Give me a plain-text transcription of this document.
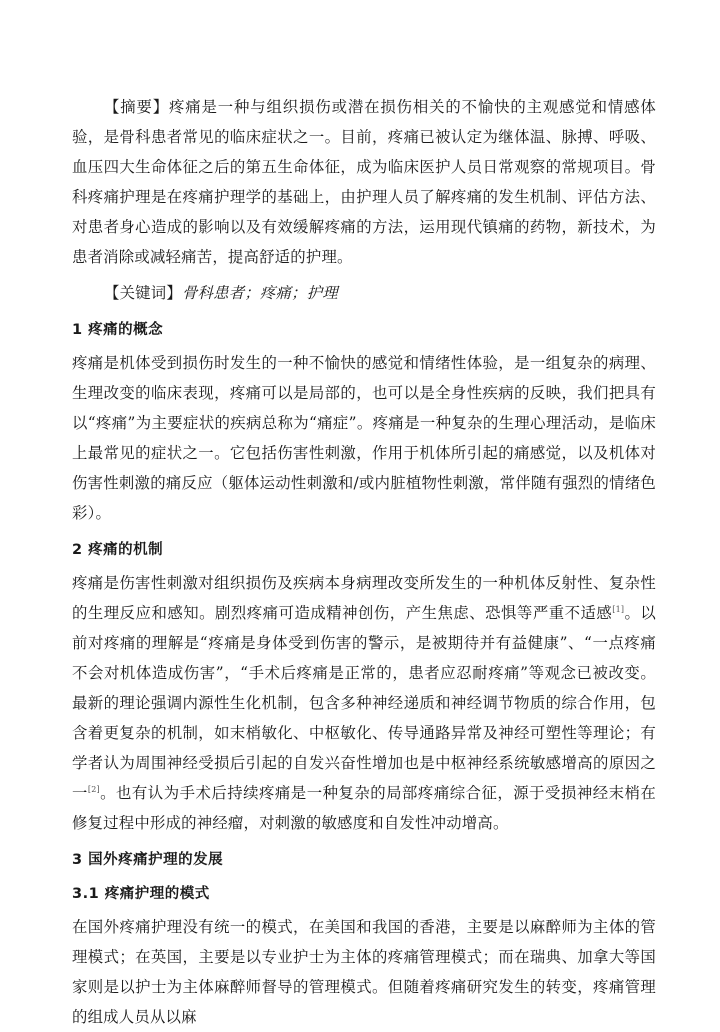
【摘要】疼痛是一种与组织损伤或潜在损伤相关的不愉快的主观感觉和情感体验，是骨科患者常见的临床症状之一。目前，疼痛已被认定为继体温、脉搏、呼吸、血压四大生命体征之后的第五生命体征，成为临床医护人员日常观察的常规项目。骨科疼痛护理是在疼痛护理学的基础上，由护理人员了解疼痛的发生机制、评估方法、对患者身心造成的影响以及有效缓解疼痛的方法，运用现代镇痛的药物，新技术，为患者消除或减轻痛苦，提高舒适的护理。

【关键词】骨科患者；疼痛；护理

1 疼痛的概念

疼痛是机体受到损伤时发生的一种不愉快的感觉和情绪性体验，是一组复杂的病理、生理改变的临床表现，疼痛可以是局部的，也可以是全身性疾病的反映，我们把具有以“疼痛”为主要症状的疾病总称为“痛症”。疼痛是一种复杂的生理心理活动，是临床上最常见的症状之一。它包括伤害性刺激，作用于机体所引起的痛感觉，以及机体对伤害性刺激的痛反应（躯体运动性刺激和/或内脏植物性刺激，常伴随有强烈的情绪色彩）。

2 疼痛的机制

疼痛是伤害性刺激对组织损伤及疾病本身病理改变所发生的一种机体反射性、复杂性的生理反应和感知。剧烈疼痛可造成精神创伤，产生焦虑、恐惧等严重不适感[1]。以前对疼痛的理解是“疼痛是身体受到伤害的警示，是被期待并有益健康”、“一点疼痛不会对机体造成伤害”，“手术后疼痛是正常的，患者应忍耐疼痛”等观念已被改变。最新的理论强调内源性生化机制，包含多种神经递质和神经调节物质的综合作用，包含着更复杂的机制，如末梢敏化、中枢敏化、传导通路异常及神经可塑性等理论；有学者认为周围神经受损后引起的自发兴奋性增加也是中枢神经系统敏感增高的原因之一[2]。也有认为手术后持续疼痛是一种复杂的局部疼痛综合征，源于受损神经末梢在修复过程中形成的神经瘤，对刺激的敏感度和自发性冲动增高。

3 国外疼痛护理的发展
3.1 疼痛护理的模式

在国外疼痛护理没有统一的模式，在美国和我国的香港，主要是以麻醉师为主体的管理模式；在英国，主要是以专业护士为主体的疼痛管理模式；而在瑞典、加拿大等国家则是以护士为主体麻醉师督导的管理模式。但随着疼痛研究发生的转变，疼痛管理的组成人员从以麻
